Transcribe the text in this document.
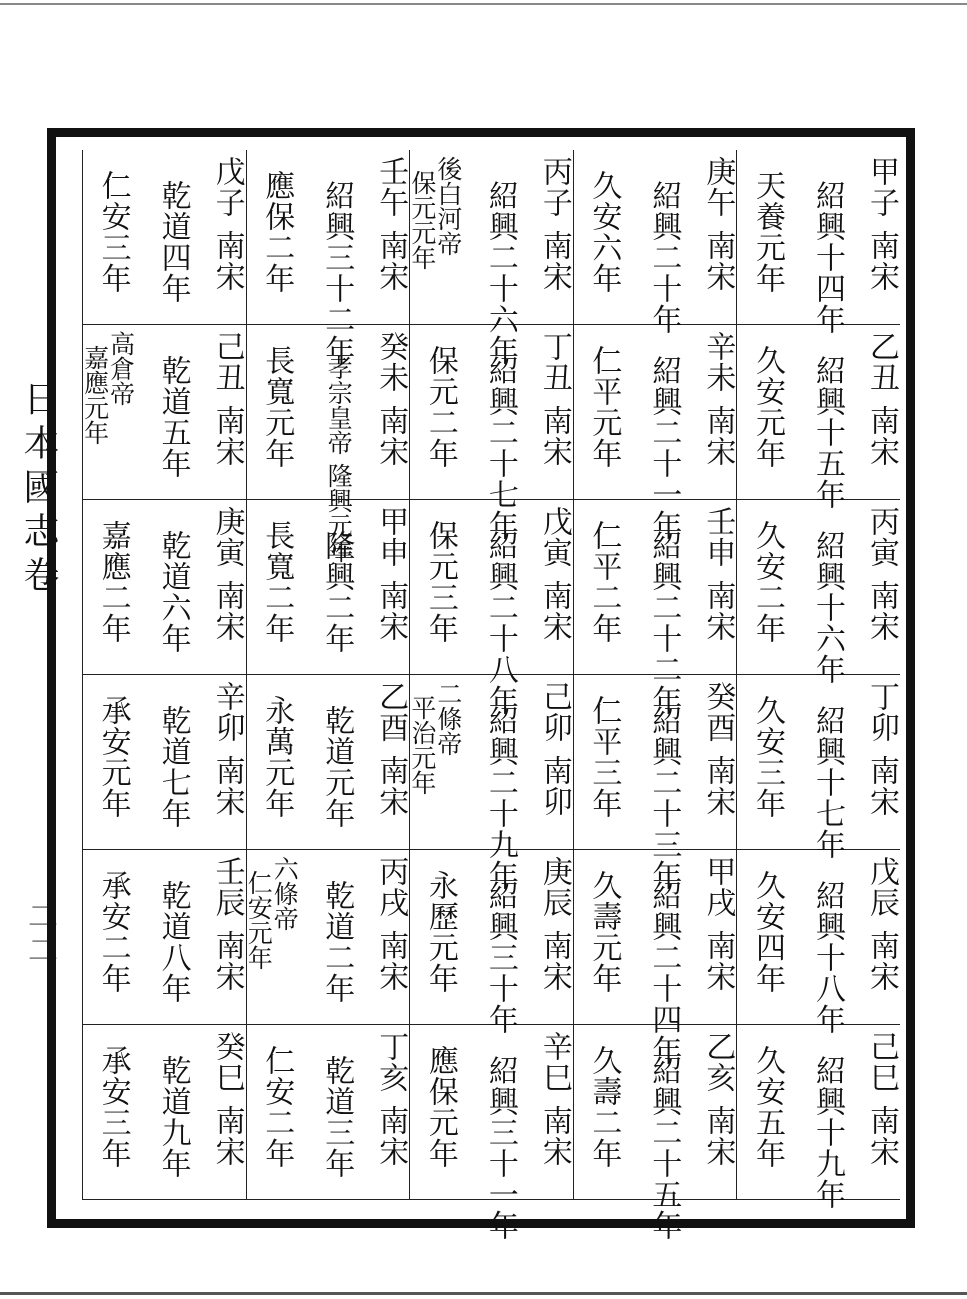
日本國志卷
二二
甲子
南宋
紹興十四年
天養元年
乙丑
南宋
紹興十五年
久安元年
丙寅
南宋
紹興十六年
久安二年
丁卯
南宋
紹興十七年
久安三年
戊辰
南宋
紹興十八年
久安四年
己巳
南宋
紹興十九年
久安五年
庚午
南宋
紹興二十年
久安六年
辛未
南宋
紹興二十一年
仁平元年
壬申
南宋
紹興二十二年
仁平二年
癸酉
南宋
紹興二十三年
仁平三年
甲戌
南宋
紹興二十四年
久壽元年
乙亥
南宋
紹興二十五年
久壽二年
丙子
南宋
紹興二十六年
後白河帝
保元元年
丁丑
南宋
紹興二十七年
保元二年
戊寅
南宋
紹興二十八年
保元三年
己卯
南卯
紹興二十九年
二條帝
平治元年
庚辰
南宋
紹興三十年
永歷元年
辛巳
南宋
紹興三十一年
應保元年
壬午
南宋
紹興三十二年
應保二年
癸未
南宋
孝宗皇帝 隆興元年
長寬元年
甲申
南宋
隆興二年
長寬二年
乙酉
南宋
乾道元年
永萬元年
丙戌
南宋
乾道二年
六條帝
仁安元年
丁亥
南宋
乾道三年
仁安二年
戊子
南宋
乾道四年
仁安三年
己丑
南宋
乾道五年
高倉帝
嘉應元年
庚寅
南宋
乾道六年
嘉應二年
辛卯
南宋
乾道七年
承安元年
壬辰
南宋
乾道八年
承安二年
癸巳
南宋
乾道九年
承安三年
